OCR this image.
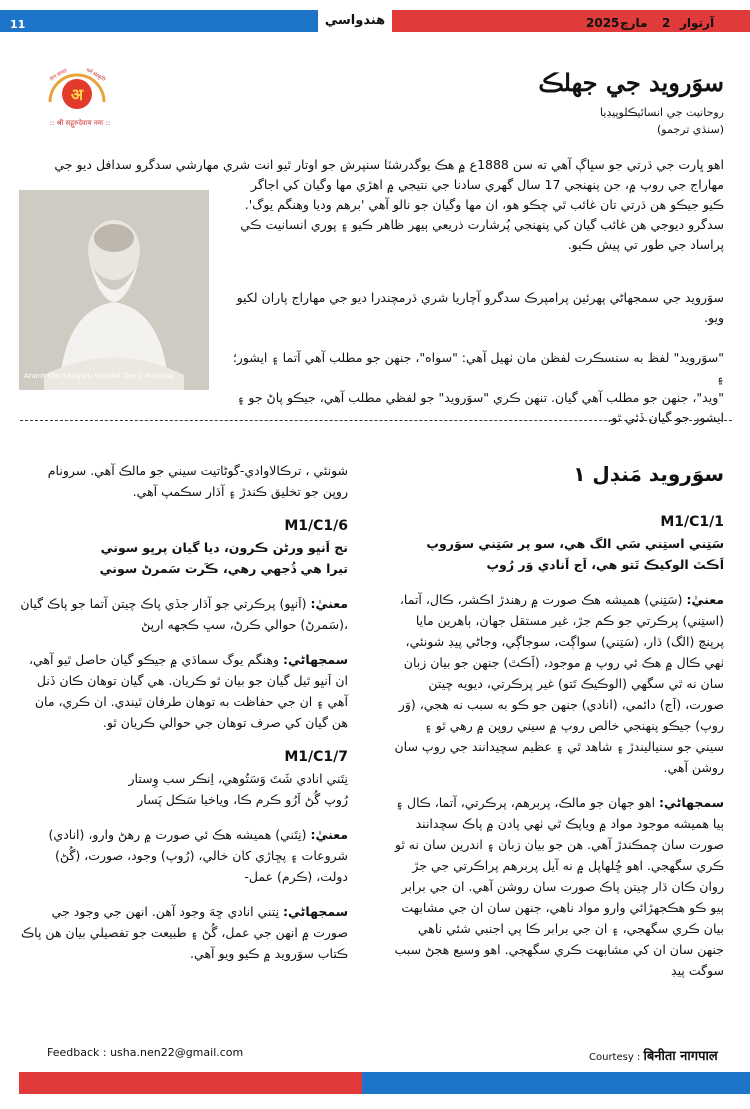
هندواسي
11	2025 مارچ 2 آرتوار
अ
ज्ञान संपदा	धर्म संस्कृति
:: श्री सद्गुरुदेवाय नमः ::
سوَرويد جي جهلڪ
روحانيت جي انسائيڪلوپيڊيا
(سنڌي ترجمو)
اهو ڀارت جي ڌرتي جو سڀاڳ آهي ته سن 1888ع ۾ هڪ يوگدرشٽا سنپرش جو اوتار ٿيو انت شري مهارشي سدگرو سدافل ديو جي
مهاراج جي روپ ۾، جن پنهنجي 17 سال گهري سادنا جي نتيجي ۾ اهڙي مها وگيان کي اجاگر
ڪيو جيڪو هن ڌرتي تان غائب ٿي چڪو هو، ان مها وگيان جو نالو آهي 'برهم وديا وهنگم يوگ'.
سدگرو ديوجي هن غائب گيان کي پنهنجي پُرشارت ذريعي ٻيهر ظاهر ڪيو ۽ پوري انسانيت ڪي
پراساد جي طور تي پيش ڪيو.
سوَرويد جي سمجهاڻي پهرئين پرامپرڪ سدگرو آچاريا شري ڌرمچندرا ديو جي مهاراج پاران لکيو
ويو.
"سوَرويد" لفظ به سنسڪرت لفظن مان ٺهيل آهي: "سواه"، جنهن جو مطلب آهي آتما ۽ ايشور؛ ۽
"ويد"، جنهن جو مطلب آهي گيان. تنهن ڪري "سوَرويد" جو لفظي مطلب آهي، جيڪو پاڻ جو ۽
ايشور جو گيان ڏئي ٿو.
Anant Shri Sadguru Sadafal Deo Ji Maharaj
سوَرويد مَنڊل ١
M1/C1/1
سَتِني استِني سَي الگ هي، سو پر سَتِني سوَروپ
اَڪٿ الوکيڪ تَتو هي، اَج اَنادي وَر رُوپ
معنيٰ: (سَتِني) هميشه هڪ صورت ۾ رهندڙ اڪشر، ڪال، آتما، (استِني) پرڪرتي جو ڪم جڙ، غير مستقل جهان، ٻاهرين مايا پرپنچ (الگ) ڌار، (سَتِني) سواڳت، سوجاڳي، وجاڻي پيڊ شونئي، ٺهي ڪال ۾ هڪ ئي روپ ۾ موجود، (اَڪٿ) جنهن جو بيان زبان سان نه ٿي سگهي (الوڪيڪ تَتو) غير پرڪرتي، ديويه چيتن صورت، (اَج) دائمي، (انادي) جنهن جو ڪو به سبب نه هجي، (وَر روپ) جيڪو پنهنجي خالص روپ ۾ سيني روپن ۾ رهي ٿو ۽ سيني جو سنياليندڙ ۽ شاهد ٿي ۽ عظيم سچيدانند جي روپ سان روشن آهي.
سمجهاڻي: اهو جهان جو مالڪ، پربرهم، پرڪرتي، آتما، ڪال ۽ ٻيا هميشه موجود مواد ۾ وياپڪ ٿي ٺهي پادن ۾ پاڪ سچدانند صورت سان چمڪندڙ آهي. هن جو بيان زبان ۽ اندرين سان نه ٿو ڪري سگهجي. اهو ڇُلهاپل ۾ نه آيل پربرهم پراڪرتي جي جڙ روان ڪان ڌار چيتن پاڪ صورت سان روشن آهي. ان جي برابر ٻيو ڪو هڪجهڙائي وارو مواد ناهي، جنهن سان ان جي مشابهت بيان ڪري سگهجي، ۽ ان جي برابر ڪا ٻي اجنبي شئي ناهي جنهن سان ان کي مشابهت ڪري سگهجي. اهو وسيع هجڻ سبب سوگت پيڊ
شونئي ، ترڪالاوادي-گوڻاتيت سيني جو مالڪ آهي. سرونام روپن جو تخليق ڪندڙ ۽ آڌار سڪمپ آهي.
M1/C1/6
نج اَنڀو ورڻن ڪرون، ديا گيان پرڀو سوني
تيرا هي ڌُجهي رهي، ڪَرت سَمرڻ سوني
معنيٰ: (اَنڀو) پرڪرتي جو آڌار جڏي پاڪ چيتن آتما جو پاڪ گيان ،(سَمرڻ) حوالي ڪرڻ، سڀ ڪجهه ارپڻ
سمجهاڻي: وهنگم يوگ سماڌي ۾ جيڪو گيان حاصل ٿيو آهي، ان اَنڀو ٿيل گيان جو بيان ٿو ڪريان. هي گيان توهان ڪان ڏنل آهي ۽ ان جي حفاظت به توهان طرفان ٿيندي. ان ڪري، مان هن گيان کي صرف توهان جي حوالي ڪريان ٿو.
M1/C1/7
نِتَني انادي شَتَ وَسَتُوهي، اِنڪر سب وِستار
رُوپ گُڻ اَرُو ڪرم ڪا، وياخيا سَڪل پَسار
معنيٰ: (نِتَني) هميشه هڪ ئي صورت ۾ رهڻ وارو، (انادي) شروعات ۽ پڇاڙي کان خالي، (رُوپ) وجود، صورت، (گُڻ) دولت، (ڪرم) عمل-
سمجهاڻي: نِتني انادي ڇهَ وجود آهن. انهن جي وجود جي صورت ۾ انهن جي عمل، گُڻ ۽ طبيعت جو تفصيلي بيان هن پاڪ ڪتاب سوَرويد ۾ ڪيو ويو آهي.
Feedback : usha.nen22@gmail.com	Courtesy : बिनीता नागपाल
